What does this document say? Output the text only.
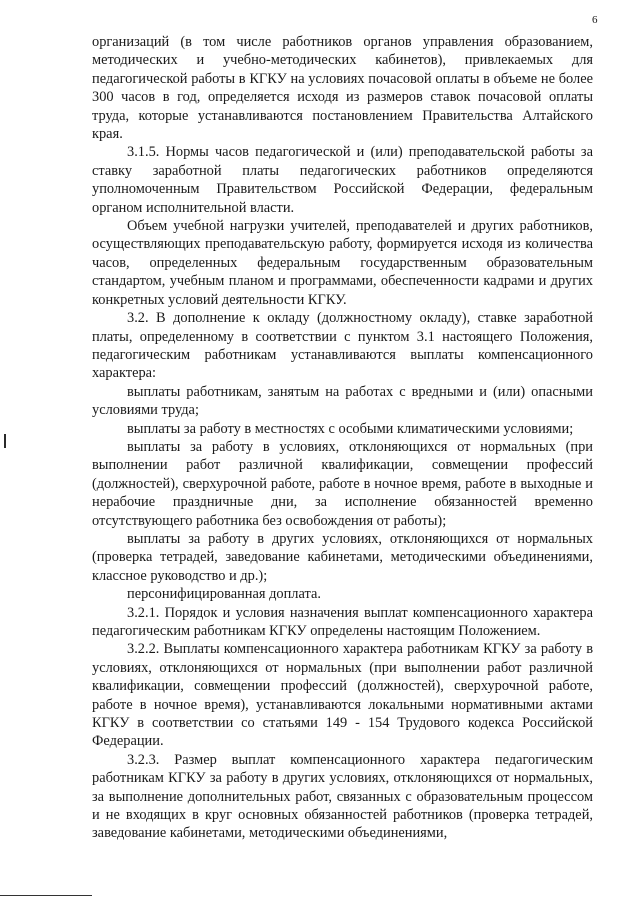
6

организаций (в том числе работников органов управления образованием, методических и учебно-методических кабинетов), привлекаемых для педагогической работы в КГКУ на условиях почасовой оплаты в объеме не более 300 часов в год, определяется исходя из размеров ставок почасовой оплаты труда, которые устанавливаются постановлением Правительства Алтайского края.

3.1.5. Нормы часов педагогической и (или) преподавательской работы за ставку заработной платы педагогических работников определяются уполномоченным Правительством Российской Федерации, федеральным органом исполнительной власти.

Объем учебной нагрузки учителей, преподавателей и других работников, осуществляющих преподавательскую работу, формируется исходя из количества часов, определенных федеральным государственным образовательным стандартом, учебным планом и программами, обеспеченности кадрами и других конкретных условий деятельности КГКУ.

3.2. В дополнение к окладу (должностному окладу), ставке заработной платы, определенному в соответствии с пунктом 3.1 настоящего Положения, педагогическим работникам устанавливаются выплаты компенсационного характера:

выплаты работникам, занятым на работах с вредными и (или) опасными условиями труда;

выплаты за работу в местностях с особыми климатическими условиями;

выплаты за работу в условиях, отклоняющихся от нормальных (при выполнении работ различной квалификации, совмещении профессий (должностей), сверхурочной работе, работе в ночное время, работе в выходные и нерабочие праздничные дни, за исполнение обязанностей временно отсутствующего работника без освобождения от работы);

выплаты за работу в других условиях, отклоняющихся от нормальных (проверка тетрадей, заведование кабинетами, методическими объединениями, классное руководство и др.);

персонифицированная доплата.

3.2.1. Порядок и условия назначения выплат компенсационного характера педагогическим работникам КГКУ определены настоящим Положением.

3.2.2. Выплаты компенсационного характера работникам КГКУ за работу в условиях, отклоняющихся от нормальных (при выполнении работ различной квалификации, совмещении профессий (должностей), сверхурочной работе, работе в ночное время), устанавливаются локальными нормативными актами КГКУ в соответствии со статьями 149 - 154 Трудового кодекса Российской Федерации.

3.2.3. Размер выплат компенсационного характера педагогическим работникам КГКУ за работу в других условиях, отклоняющихся от нормальных, за выполнение дополнительных работ, связанных с образовательным процессом и не входящих в круг основных обязанностей работников (проверка тетрадей, заведование кабинетами, методическими объединениями,
